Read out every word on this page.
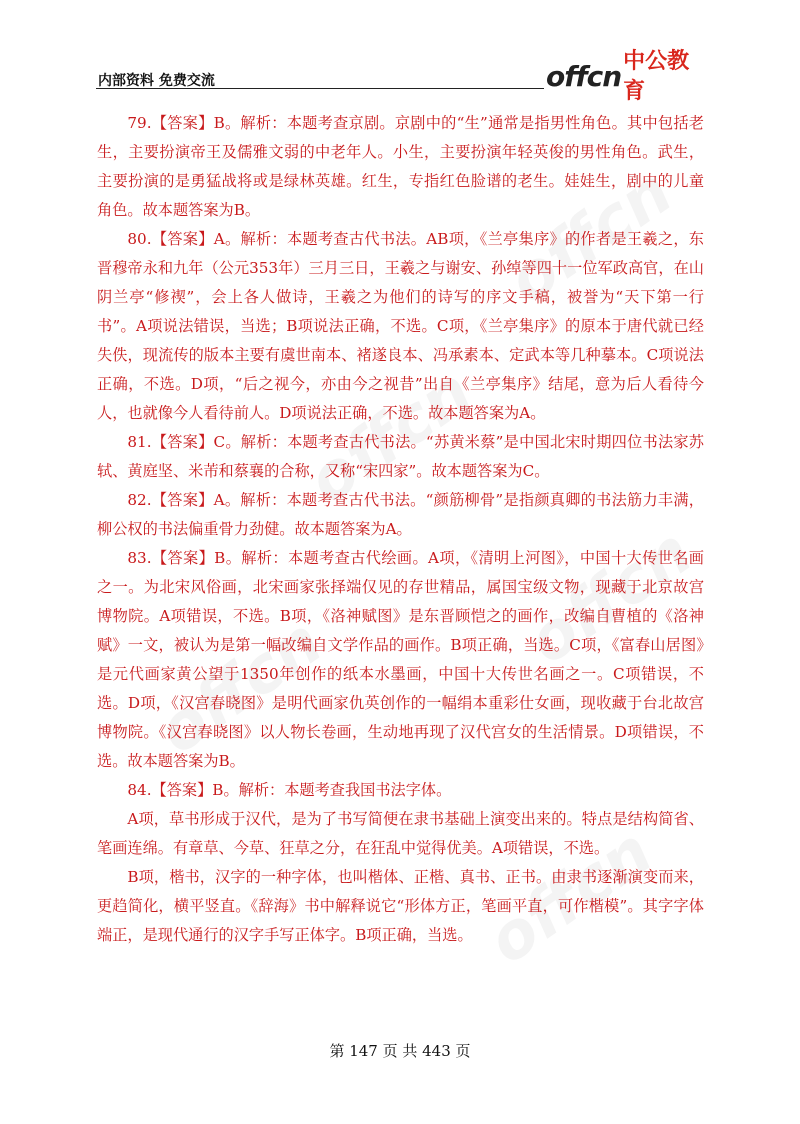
内部资料 免费交流	offcn 中公教育

79.【答案】B。解析：本题考查京剧。京剧中的“生”通常是指男性角色。其中包括老生，主要扮演帝王及儒雅文弱的中老年人。小生，主要扮演年轻英俊的男性角色。武生，主要扮演的是勇猛战将或是绿林英雄。红生，专指红色脸谱的老生。娃娃生，剧中的儿童角色。故本题答案为B。

80.【答案】A。解析：本题考查古代书法。AB项，《兰亭集序》的作者是王羲之，东晋穆帝永和九年（公元353年）三月三日，王羲之与谢安、孙绰等四十一位军政高官，在山阴兰亭“修禊”，会上各人做诗，王羲之为他们的诗写的序文手稿，被誉为“天下第一行书”。A项说法错误，当选；B项说法正确，不选。C项，《兰亭集序》的原本于唐代就已经失佚，现流传的版本主要有虞世南本、褚遂良本、冯承素本、定武本等几种摹本。C项说法正确，不选。D项，“后之视今，亦由今之视昔”出自《兰亭集序》结尾，意为后人看待今人，也就像今人看待前人。D项说法正确，不选。故本题答案为A。

81.【答案】C。解析：本题考查古代书法。“苏黄米蔡”是中国北宋时期四位书法家苏轼、黄庭坚、米芾和蔡襄的合称，又称“宋四家”。故本题答案为C。

82.【答案】A。解析：本题考查古代书法。“颜筋柳骨”是指颜真卿的书法筋力丰满，柳公权的书法偏重骨力劲健。故本题答案为A。

83.【答案】B。解析：本题考查古代绘画。A项，《清明上河图》，中国十大传世名画之一。为北宋风俗画，北宋画家张择端仅见的存世精品，属国宝级文物，现藏于北京故宫博物院。A项错误，不选。B项，《洛神赋图》是东晋顾恺之的画作，改编自曹植的《洛神赋》一文，被认为是第一幅改编自文学作品的画作。B项正确，当选。C项，《富春山居图》是元代画家黄公望于1350年创作的纸本水墨画，中国十大传世名画之一。C项错误，不选。D项，《汉宫春晓图》是明代画家仇英创作的一幅绢本重彩仕女画，现收藏于台北故宫博物院。《汉宫春晓图》以人物长卷画，生动地再现了汉代宫女的生活情景。D项错误，不选。故本题答案为B。

84.【答案】B。解析：本题考查我国书法字体。

A项，草书形成于汉代，是为了书写简便在隶书基础上演变出来的。特点是结构简省、笔画连绵。有章草、今草、狂草之分，在狂乱中觉得优美。A项错误，不选。

B项，楷书，汉字的一种字体，也叫楷体、正楷、真书、正书。由隶书逐渐演变而来，更趋简化，横平竖直。《辞海》书中解释说它“形体方正，笔画平直，可作楷模”。其字字体端正，是现代通行的汉字手写正体字。B项正确，当选。

第 147 页 共 443 页
